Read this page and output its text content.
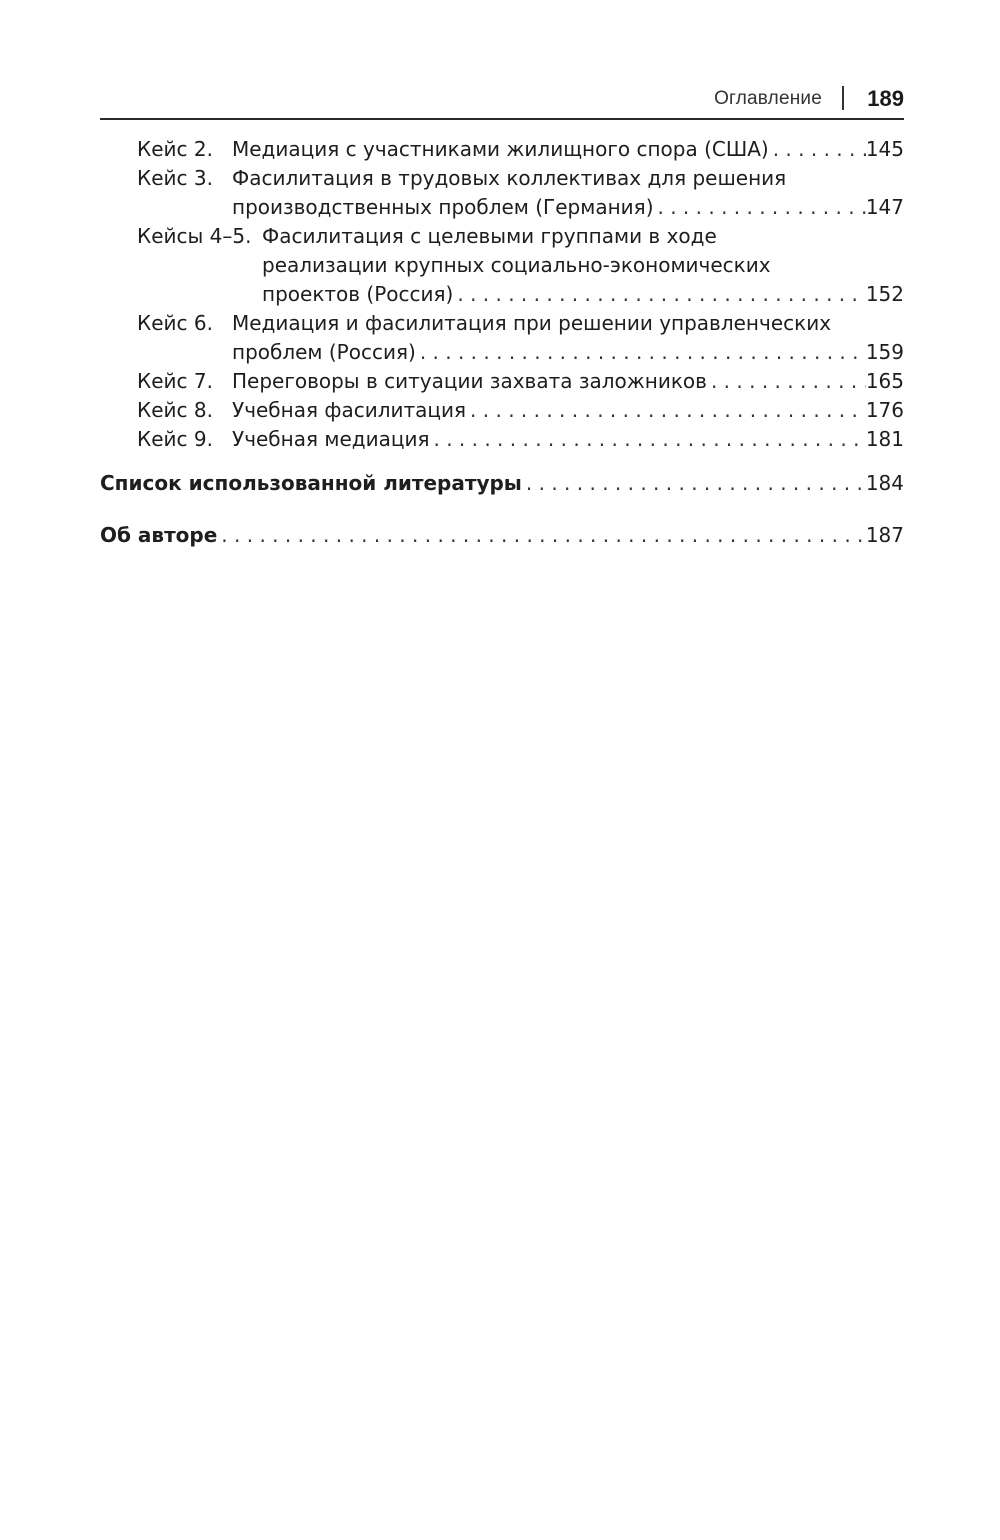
Оглавление 189
Кейс 2. Медиация с участниками жилищного спора (США) . . .	145
Кейс 3. Фасилитация в трудовых коллективах для решения
производственных проблем (Германия) . . .	147
Кейсы 4–5. Фасилитация с целевыми группами в ходе
реализации крупных социально-экономических
проектов (Россия) . . .	152
Кейс 6. Медиация и фасилитация при решении управленческих
проблем (Россия) . . .	159
Кейс 7. Переговоры в ситуации захвата заложников . . .	165
Кейс 8. Учебная фасилитация . . .	176
Кейс 9. Учебная медиация . . .	181
Список использованной литературы . . .	184
Об авторе . . .	187
